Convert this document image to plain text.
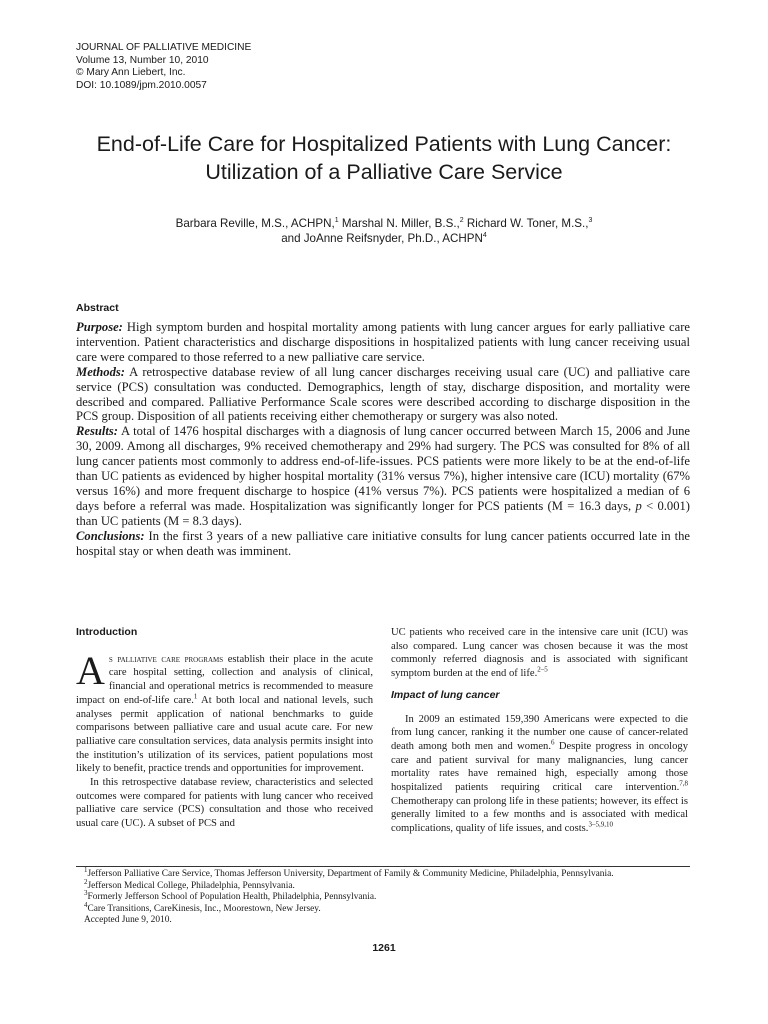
JOURNAL OF PALLIATIVE MEDICINE
Volume 13, Number 10, 2010
© Mary Ann Liebert, Inc.
DOI: 10.1089/jpm.2010.0057
End-of-Life Care for Hospitalized Patients with Lung Cancer:
Utilization of a Palliative Care Service
Barbara Reville, M.S., ACHPN,$^1$ Marshal N. Miller, B.S.,$^2$ Richard W. Toner, M.S.,$^3$
and JoAnne Reifsnyder, Ph.D., ACHPN$^4$
Abstract

Purpose: High symptom burden and hospital mortality among patients with lung cancer argues for early palliative care intervention. Patient characteristics and discharge dispositions in hospitalized patients with lung cancer receiving usual care were compared to those referred to a new palliative care service.

Methods: A retrospective database review of all lung cancer discharges receiving usual care (UC) and palliative care service (PCS) consultation was conducted. Demographics, length of stay, discharge disposition, and mortality were described and compared. Palliative Performance Scale scores were described according to discharge disposition in the PCS group. Disposition of all patients receiving either chemotherapy or surgery was also noted.

Results: A total of 1476 hospital discharges with a diagnosis of lung cancer occurred between March 15, 2006 and June 30, 2009. Among all discharges, 9% received chemotherapy and 29% had surgery. The PCS was consulted for 8% of all lung cancer patients most commonly to address end-of-life-issues. PCS patients were more likely to be at the end-of-life than UC patients as evidenced by higher hospital mortality (31% versus 7%), higher intensive care (ICU) mortality (67% versus 16%) and more frequent discharge to hospice (41% versus 7%). PCS patients were hospitalized a median of 6 days before a referral was made. Hospitalization was significantly longer for PCS patients (M = 16.3 days, p < 0.001) than UC patients (M = 8.3 days).

Conclusions: In the first 3 years of a new palliative care initiative consults for lung cancer patients occurred late in the hospital stay or when death was imminent.

Introduction

As palliative care programs establish their place in the acute care hospital setting, collection and analysis of clinical, financial and operational metrics is recommended to measure impact on end-of-life care.$^1$ At both local and national levels, such analyses permit application of national benchmarks to guide comparisons between palliative care and usual acute care. For new palliative care consultation services, data analysis permits insight into the institution’s utilization of its services, patient populations most likely to benefit, practice trends and opportunities for improvement.

In this retrospective database review, characteristics and selected outcomes were compared for patients with lung cancer who received palliative care service (PCS) consultation and those who received usual care (UC). A subset of PCS and

UC patients who received care in the intensive care unit (ICU) was also compared. Lung cancer was chosen because it was the most commonly referred diagnosis and is associated with significant symptom burden at the end of life.$^{2-5}$

Impact of lung cancer

In 2009 an estimated 159,390 Americans were expected to die from lung cancer, ranking it the number one cause of cancer-related death among both men and women.$^6$ Despite progress in oncology care and patient survival for many malignancies, lung cancer mortality rates have remained high, especially among those hospitalized patients requiring critical care intervention.$^{7,8}$ Chemotherapy can prolong life in these patients; however, its effect is generally limited to a few months and is associated with medical complications, quality of life issues, and costs.$^{3-5,9,10}$

$^1$Jefferson Palliative Care Service, Thomas Jefferson University, Department of Family & Community Medicine, Philadelphia, Pennsylvania.
$^2$Jefferson Medical College, Philadelphia, Pennsylvania.
$^3$Formerly Jefferson School of Population Health, Philadelphia, Pennsylvania.
$^4$Care Transitions, CareKinesis, Inc., Moorestown, New Jersey.
Accepted June 9, 2010.
1261
